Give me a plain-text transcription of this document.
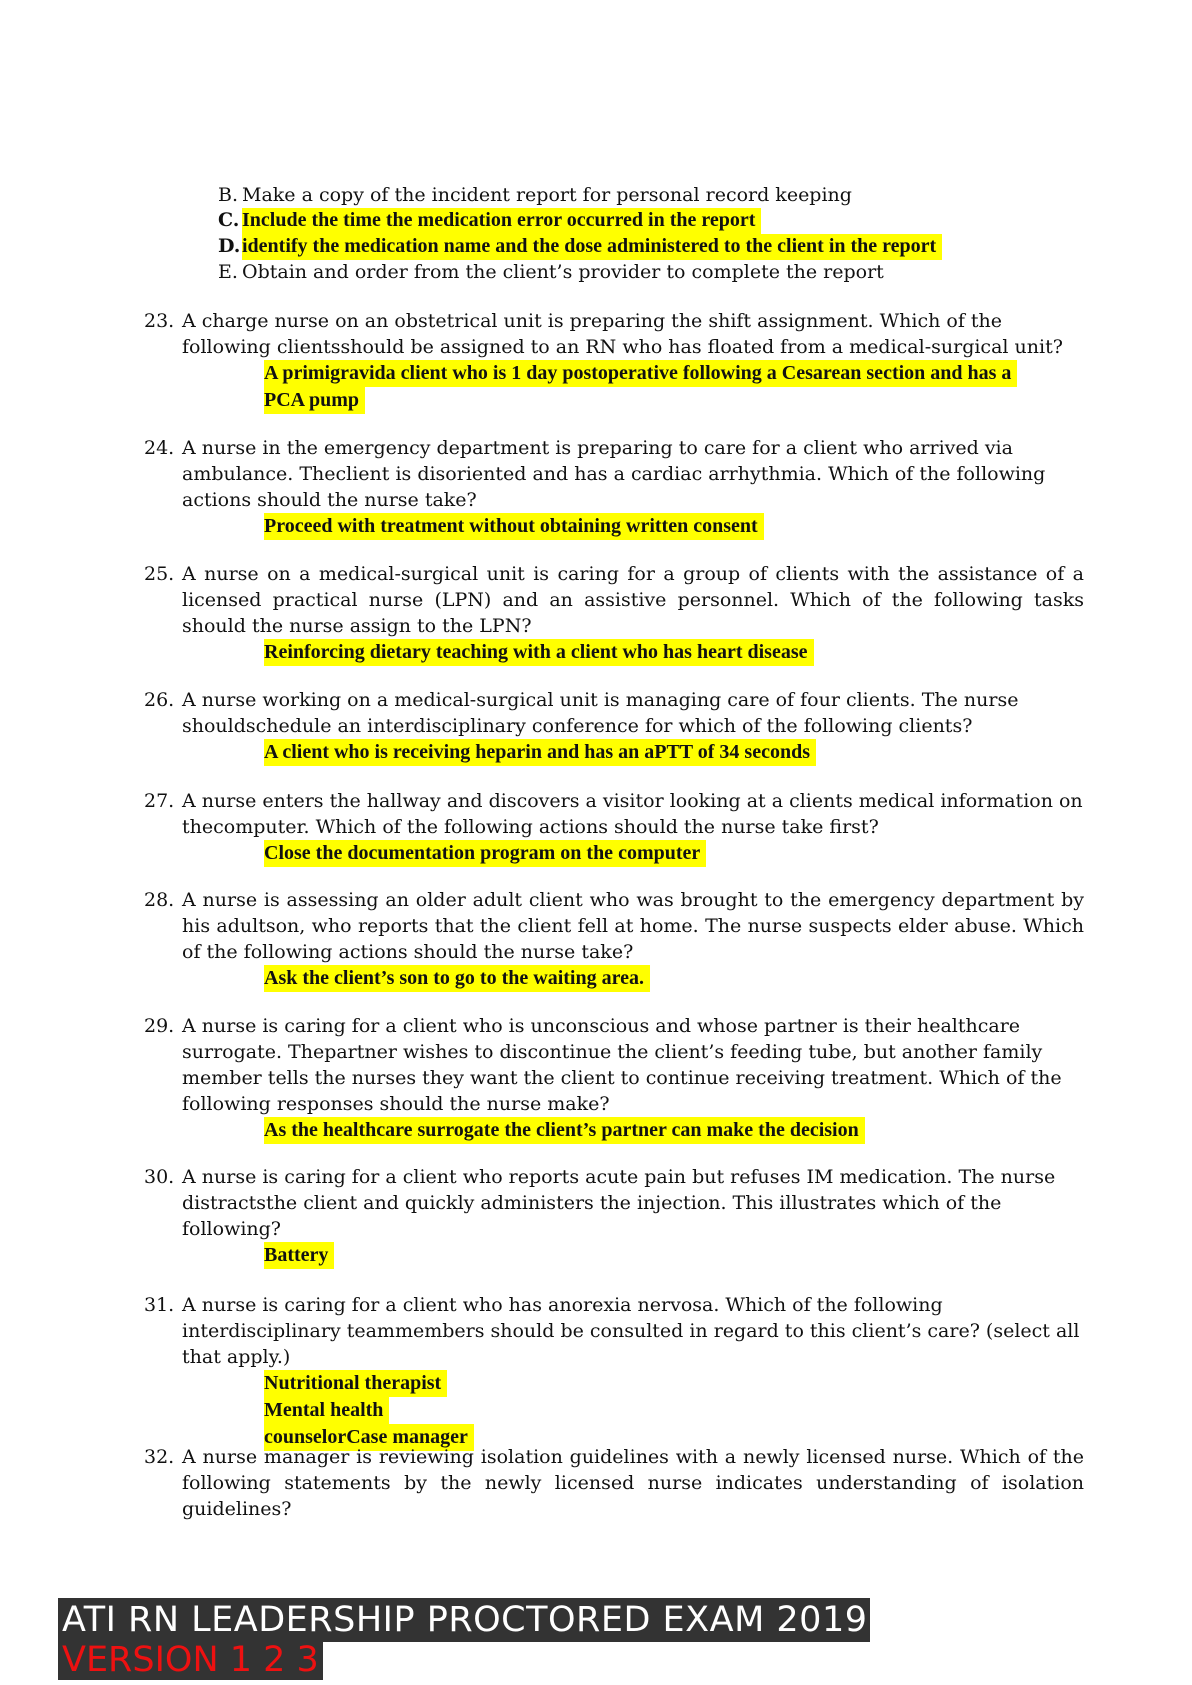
B. Make a copy of the incident report for personal record keeping
C. Include the time the medication error occurred in the report
D. identify the medication name and the dose administered to the client in the report
E. Obtain and order from the client’s provider to complete the report
23. A charge nurse on an obstetrical unit is preparing the shift assignment. Which of the following clientsshould be assigned to an RN who has floated from a medical-surgical unit?
A primigravida client who is 1 day postoperative following a Cesarean section and has a
PCA pump
24. A nurse in the emergency department is preparing to care for a client who arrived via ambulance. Theclient is disoriented and has a cardiac arrhythmia. Which of the following actions should the nurse take?
Proceed with treatment without obtaining written consent
25. A nurse on a medical-surgical unit is caring for a group of clients with the assistance of a licensed practical nurse (LPN) and an assistive personnel. Which of the following tasks should the nurse assign to the LPN?
Reinforcing dietary teaching with a client who has heart disease
26. A nurse working on a medical-surgical unit is managing care of four clients. The nurse shouldschedule an interdisciplinary conference for which of the following clients?
A client who is receiving heparin and has an aPTT of 34 seconds
27. A nurse enters the hallway and discovers a visitor looking at a clients medical information on thecomputer. Which of the following actions should the nurse take first?
Close the documentation program on the computer
28. A nurse is assessing an older adult client who was brought to the emergency department by his adultson, who reports that the client fell at home. The nurse suspects elder abuse. Which of the following actions should the nurse take?
Ask the client’s son to go to the waiting area.
29. A nurse is caring for a client who is unconscious and whose partner is their healthcare surrogate. Thepartner wishes to discontinue the client’s feeding tube, but another family member tells the nurses they want the client to continue receiving treatment. Which of the following responses should the nurse make?
As the healthcare surrogate the client’s partner can make the decision
30. A nurse is caring for a client who reports acute pain but refuses IM medication. The nurse distractsthe client and quickly administers the injection. This illustrates which of the following?
Battery
31. A nurse is caring for a client who has anorexia nervosa. Which of the following interdisciplinary teammembers should be consulted in regard to this client’s care? (select all that apply.)
Nutritional therapist
Mental health
counselorCase manager
32. A nurse manager is reviewing isolation guidelines with a newly licensed nurse. Which of the following statements by the newly licensed nurse indicates understanding of isolation guidelines?
ATI RN LEADERSHIP PROCTORED EXAM 2019
VERSION 1 2 3
